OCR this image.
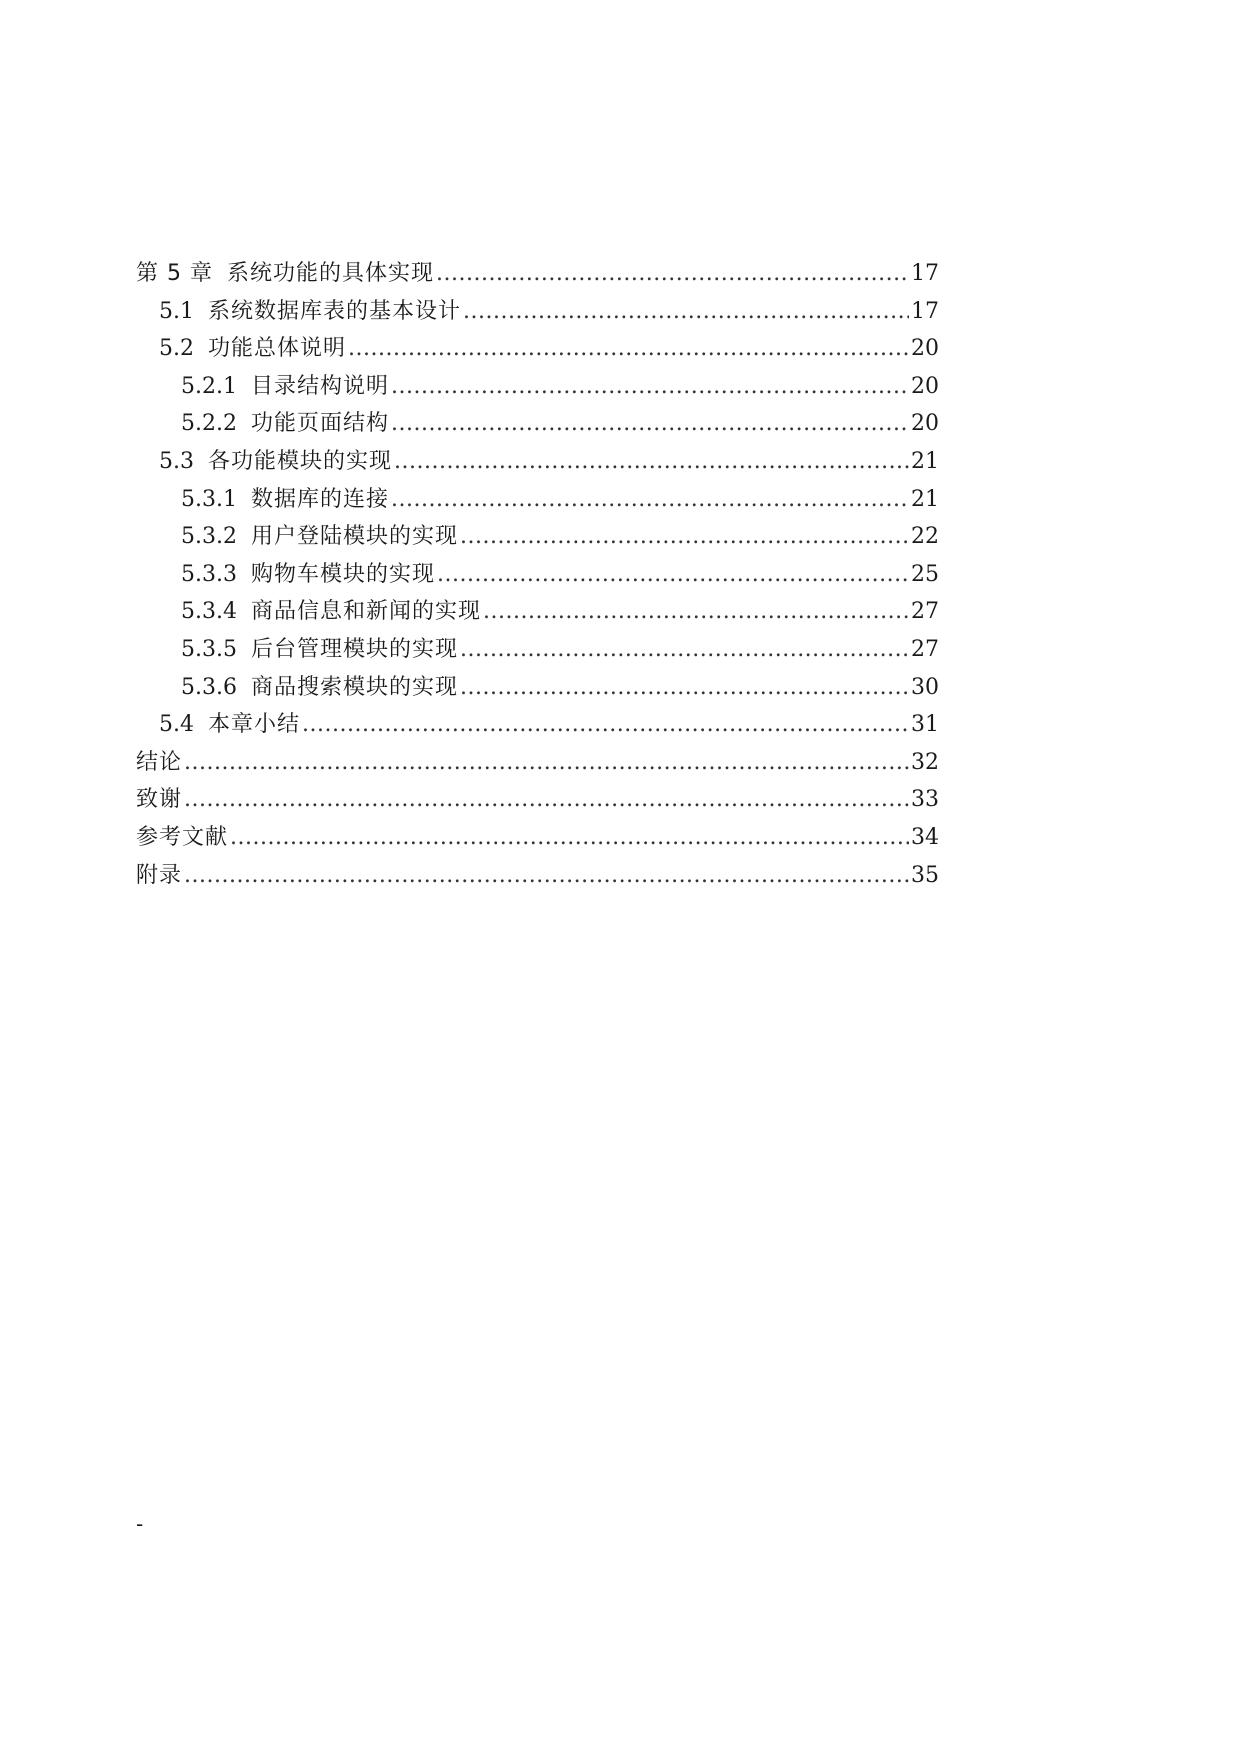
第 5 章 系统功能的具体实现 .....	17
5.1 系统数据库表的基本设计 .....	17
5.2 功能总体说明 .....	20
5.2.1 目录结构说明 .....	20
5.2.2 功能页面结构 .....	20
5.3 各功能模块的实现 .....	21
5.3.1 数据库的连接 .....	21
5.3.2 用户登陆模块的实现 .....	22
5.3.3 购物车模块的实现 .....	25
5.3.4 商品信息和新闻的实现 .....	27
5.3.5 后台管理模块的实现 .....	27
5.3.6 商品搜索模块的实现 .....	30
5.4 本章小结 .....	31
结论 .....	32
致谢 .....	33
参考文献 .....	34
附录 .....	35
-
